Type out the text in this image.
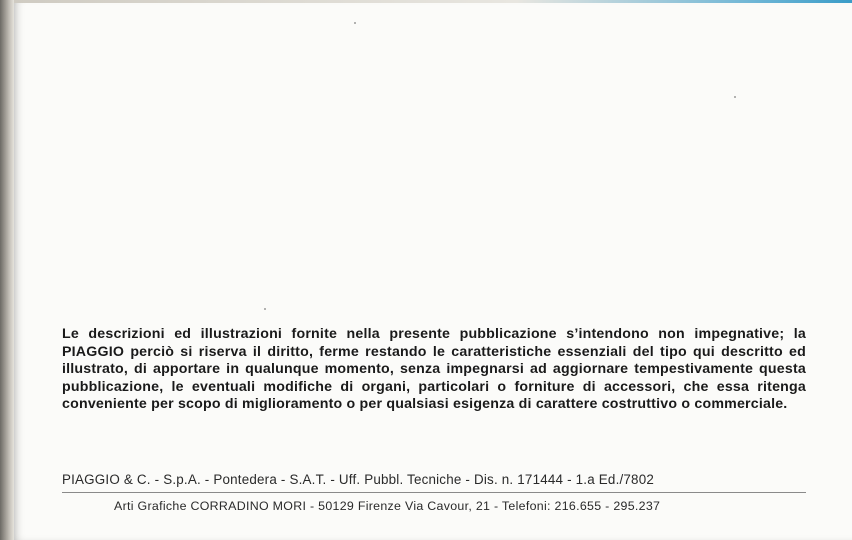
Le descrizioni ed illustrazioni fornite nella presente pubblicazione s’intendono non impegnative; la PIAGGIO perciò si riserva il diritto, ferme restando le caratteristiche essenziali del tipo qui descritto ed illustrato, di apportare in qualunque momento, senza impegnarsi ad aggiornare tempestivamente questa pubblicazione, le eventuali modifiche di organi, particolari o forniture di accessori, che essa ritenga conveniente per scopo di miglioramento o per qualsiasi esigenza di carattere costruttivo o commerciale.

PIAGGIO & C. - S.p.A. - Pontedera - S.A.T. - Uff. Pubbl. Tecniche - Dis. n. 171444 - 1.a Ed./7802
Arti Grafiche CORRADINO MORI - 50129 Firenze Via Cavour, 21 - Telefoni: 216.655 - 295.237
